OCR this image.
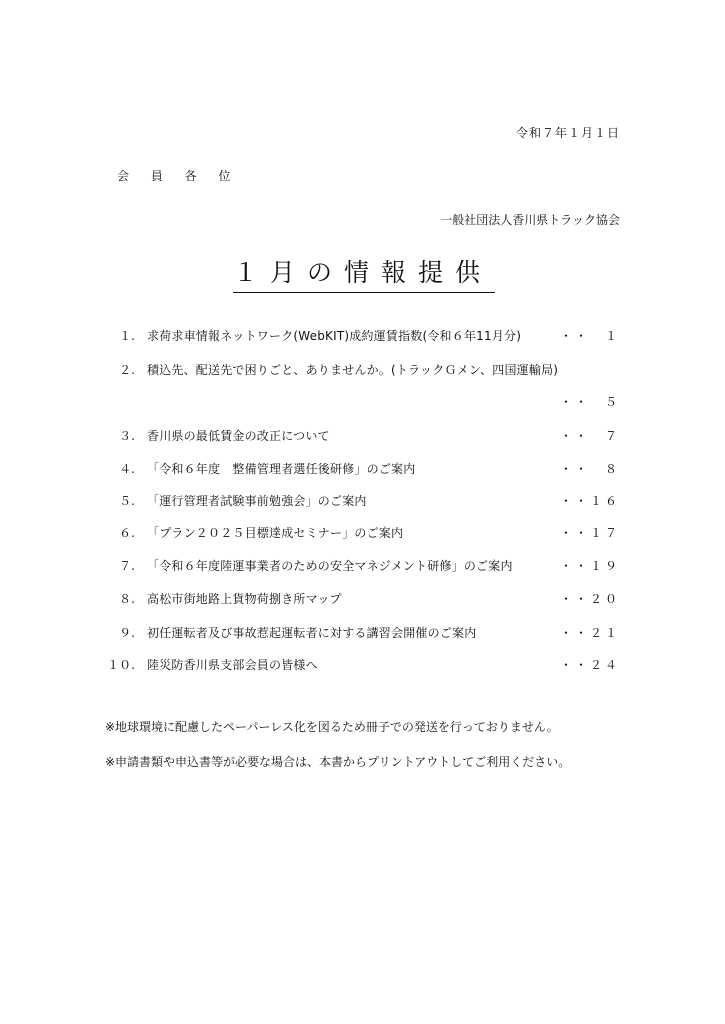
令和７年１月１日
会 員 各 位
一般社団法人香川県トラック協会
１月の情報提供
１. 求荷求車情報ネットワーク(WebKIT)成約運賃指数(令和６年11月分)	・・　１
２. 積込先、配送先で困りごと、ありませんか。(トラックＧメン、四国運輸局)
・・　５
３. 香川県の最低賃金の改正について	・・　７
４. 「令和６年度　整備管理者選任後研修」のご案内	・・　８
５. 「運行管理者試験事前勉強会」のご案内	・・１６
６. 「プラン２０２５目標達成セミナー」のご案内	・・１７
７. 「令和６年度陸運事業者のための安全マネジメント研修」のご案内	・・１９
８. 高松市街地路上貨物荷捌き所マップ	・・２０
９. 初任運転者及び事故惹起運転者に対する講習会開催のご案内	・・２１
１０. 陸災防香川県支部会員の皆様へ	・・２４
※地球環境に配慮したペーパーレス化を図るため冊子での発送を行っておりません。
※申請書類や申込書等が必要な場合は、本書からプリントアウトしてご利用ください。
